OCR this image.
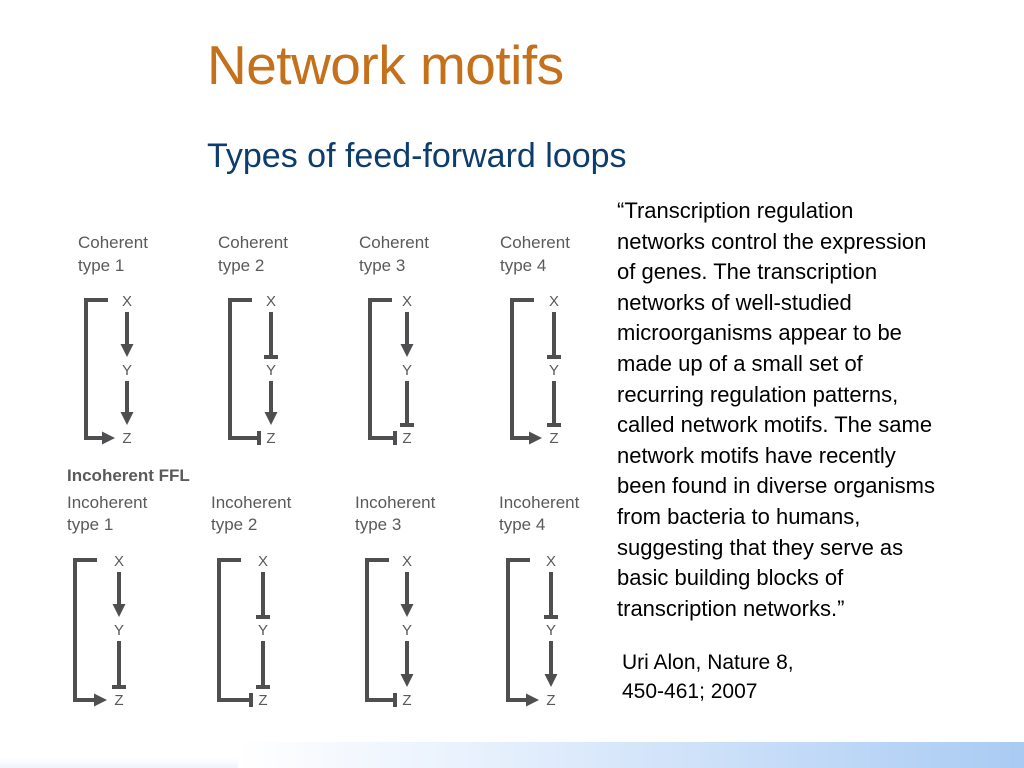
Network motifs
Types of feed-forward loops
Coherent
type 1
X
Y
Z
Coherent
type 2
X
Y
Z
Coherent
type 3
X
Y
Z
Coherent
type 4
X
Y
Z
Incoherent
type 1
X
Y
Z
Incoherent
type 2
X
Y
Z
Incoherent
type 3
X
Y
Z
Incoherent
type 4
X
Y
Z
Incoherent FFL
“Transcription regulation
networks control the expression
of genes. The transcription
networks of well-studied
microorganisms appear to be
made up of a small set of
recurring regulation patterns,
called network motifs. The same
network motifs have recently
been found in diverse organisms
from bacteria to humans,
suggesting that they serve as
basic building blocks of
transcription networks.”
Uri Alon, Nature 8,
450-461; 2007
